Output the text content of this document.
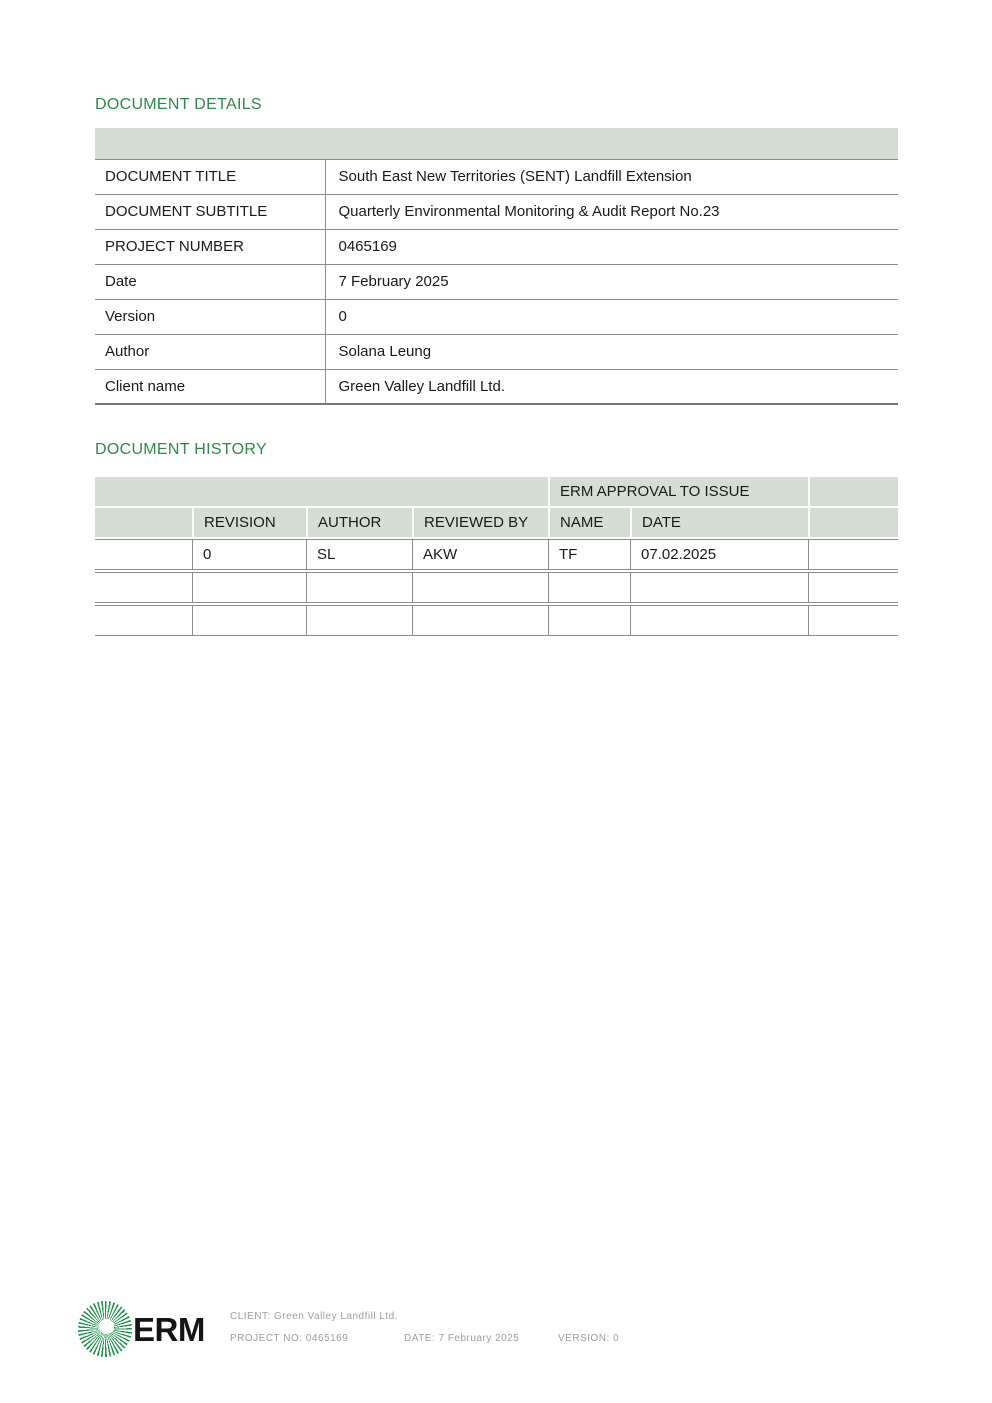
DOCUMENT DETAILS

DOCUMENT TITLE	South East New Territories (SENT) Landfill Extension
DOCUMENT SUBTITLE	Quarterly Environmental Monitoring & Audit Report No.23
PROJECT NUMBER	0465169
Date	7 February 2025
Version	0
Author	Solana Leung
Client name	Green Valley Landfill Ltd.
DOCUMENT HISTORY
				ERM APPROVAL TO ISSUE		
	REVISION	AUTHOR	REVIEWED BY	NAME	DATE	
	0	SL	AKW	TF	07.02.2025	

ERM	CLIENT: Green Valley Landfill Ltd.
PROJECT NO: 0465169	DATE: 7 February 2025	VERSION: 0
